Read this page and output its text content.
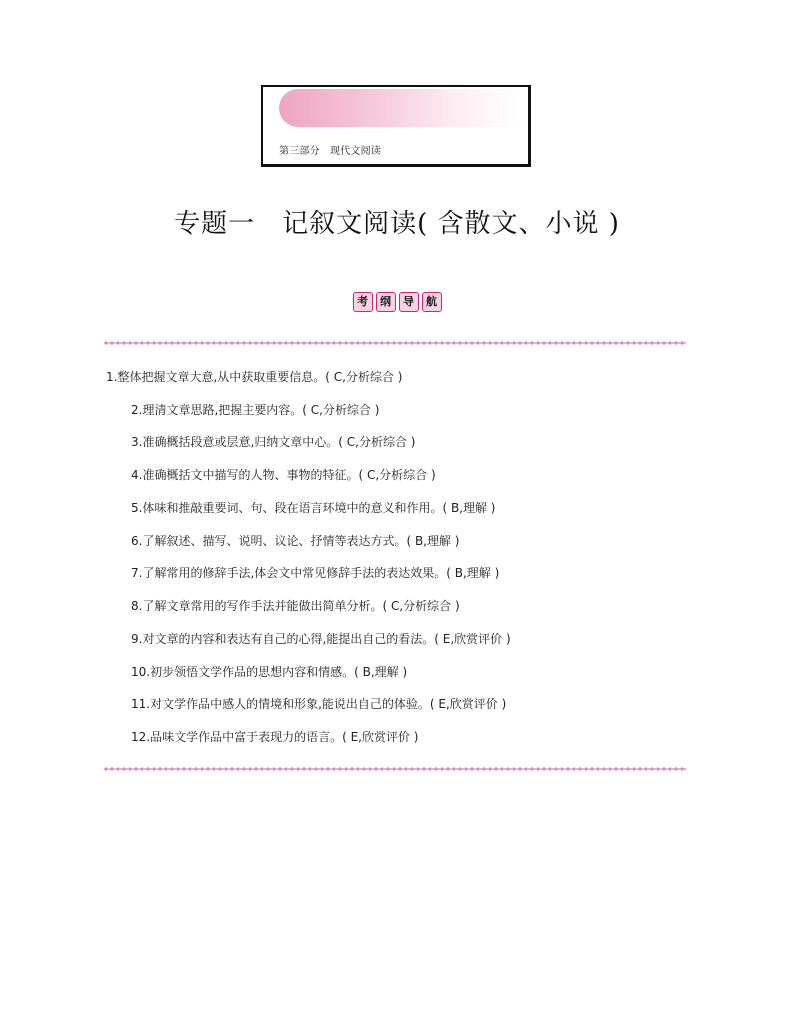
第三部分　现代文阅读
专题一　记叙文阅读( 含散文、小说 )
考	纲	导	航
1.整体把握文章大意,从中获取重要信息。( C,分析综合 )
2.理清文章思路,把握主要内容。( C,分析综合 )
3.准确概括段意或层意,归纳文章中心。( C,分析综合 )
4.准确概括文中描写的人物、事物的特征。( C,分析综合 )
5.体味和推敲重要词、句、段在语言环境中的意义和作用。( B,理解 )
6.了解叙述、描写、说明、议论、抒情等表达方式。( B,理解 )
7.了解常用的修辞手法,体会文中常见修辞手法的表达效果。( B,理解 )
8.了解文章常用的写作手法并能做出简单分析。( C,分析综合 )
9.对文章的内容和表达有自己的心得,能提出自己的看法。( E,欣赏评价 )
10.初步领悟文学作品的思想内容和情感。( B,理解 )
11.对文学作品中感人的情境和形象,能说出自己的体验。( E,欣赏评价 )
12.品味文学作品中富于表现力的语言。( E,欣赏评价 )
